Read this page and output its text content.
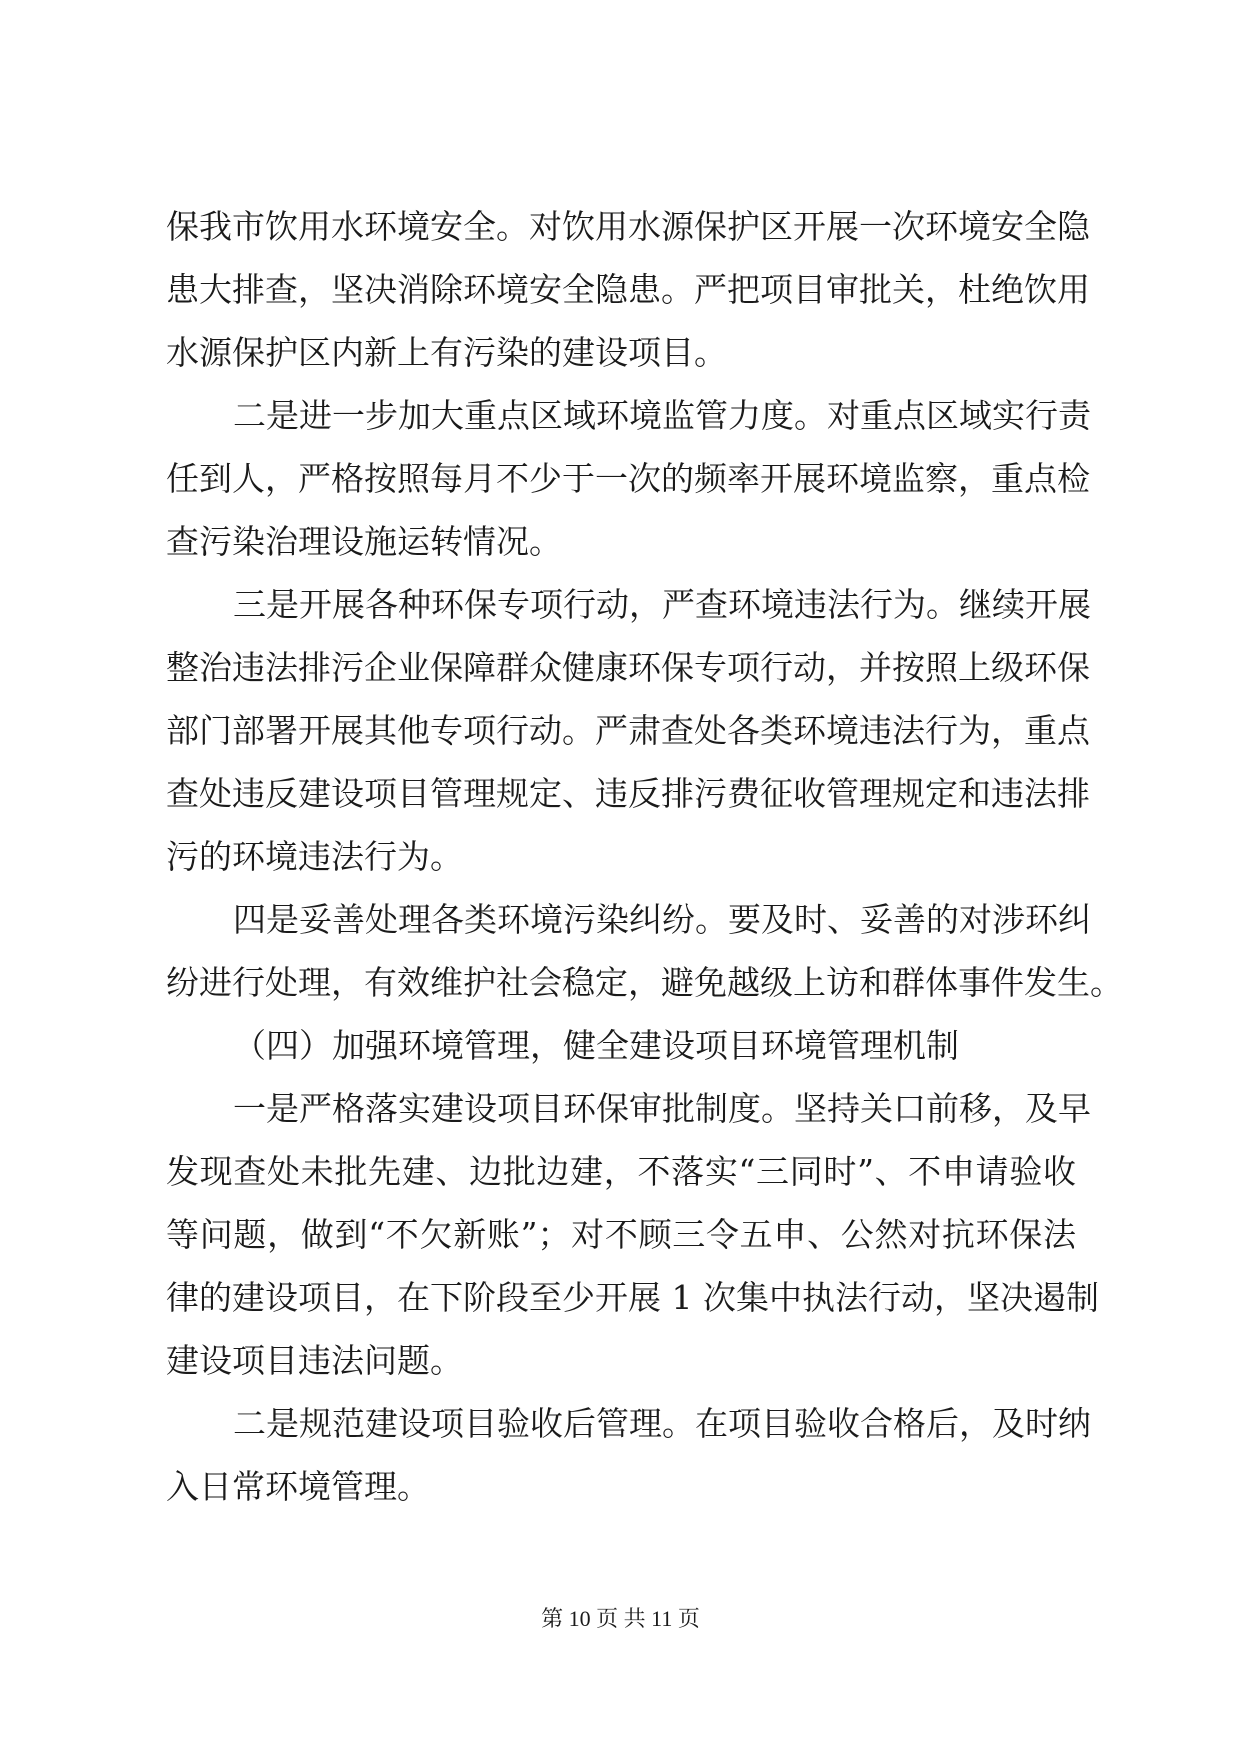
保我市饮用水环境安全。对饮用水源保护区开展一次环境安全隐
患大排查，坚决消除环境安全隐患。严把项目审批关，杜绝饮用
水源保护区内新上有污染的建设项目。
二是进一步加大重点区域环境监管力度。对重点区域实行责
任到人，严格按照每月不少于一次的频率开展环境监察，重点检
查污染治理设施运转情况。
三是开展各种环保专项行动，严查环境违法行为。继续开展
整治违法排污企业保障群众健康环保专项行动，并按照上级环保
部门部署开展其他专项行动。严肃查处各类环境违法行为，重点
查处违反建设项目管理规定、违反排污费征收管理规定和违法排
污的环境违法行为。
四是妥善处理各类环境污染纠纷。要及时、妥善的对涉环纠
纷进行处理，有效维护社会稳定，避免越级上访和群体事件发生。
（四）加强环境管理，健全建设项目环境管理机制
一是严格落实建设项目环保审批制度。坚持关口前移，及早
发现查处未批先建、边批边建，不落实“三同时”、不申请验收
等问题，做到“不欠新账”；对不顾三令五申、公然对抗环保法
律的建设项目，在下阶段至少开展 1 次集中执法行动，坚决遏制
建设项目违法问题。
二是规范建设项目验收后管理。在项目验收合格后，及时纳
入日常环境管理。
第 10 页 共 11 页
